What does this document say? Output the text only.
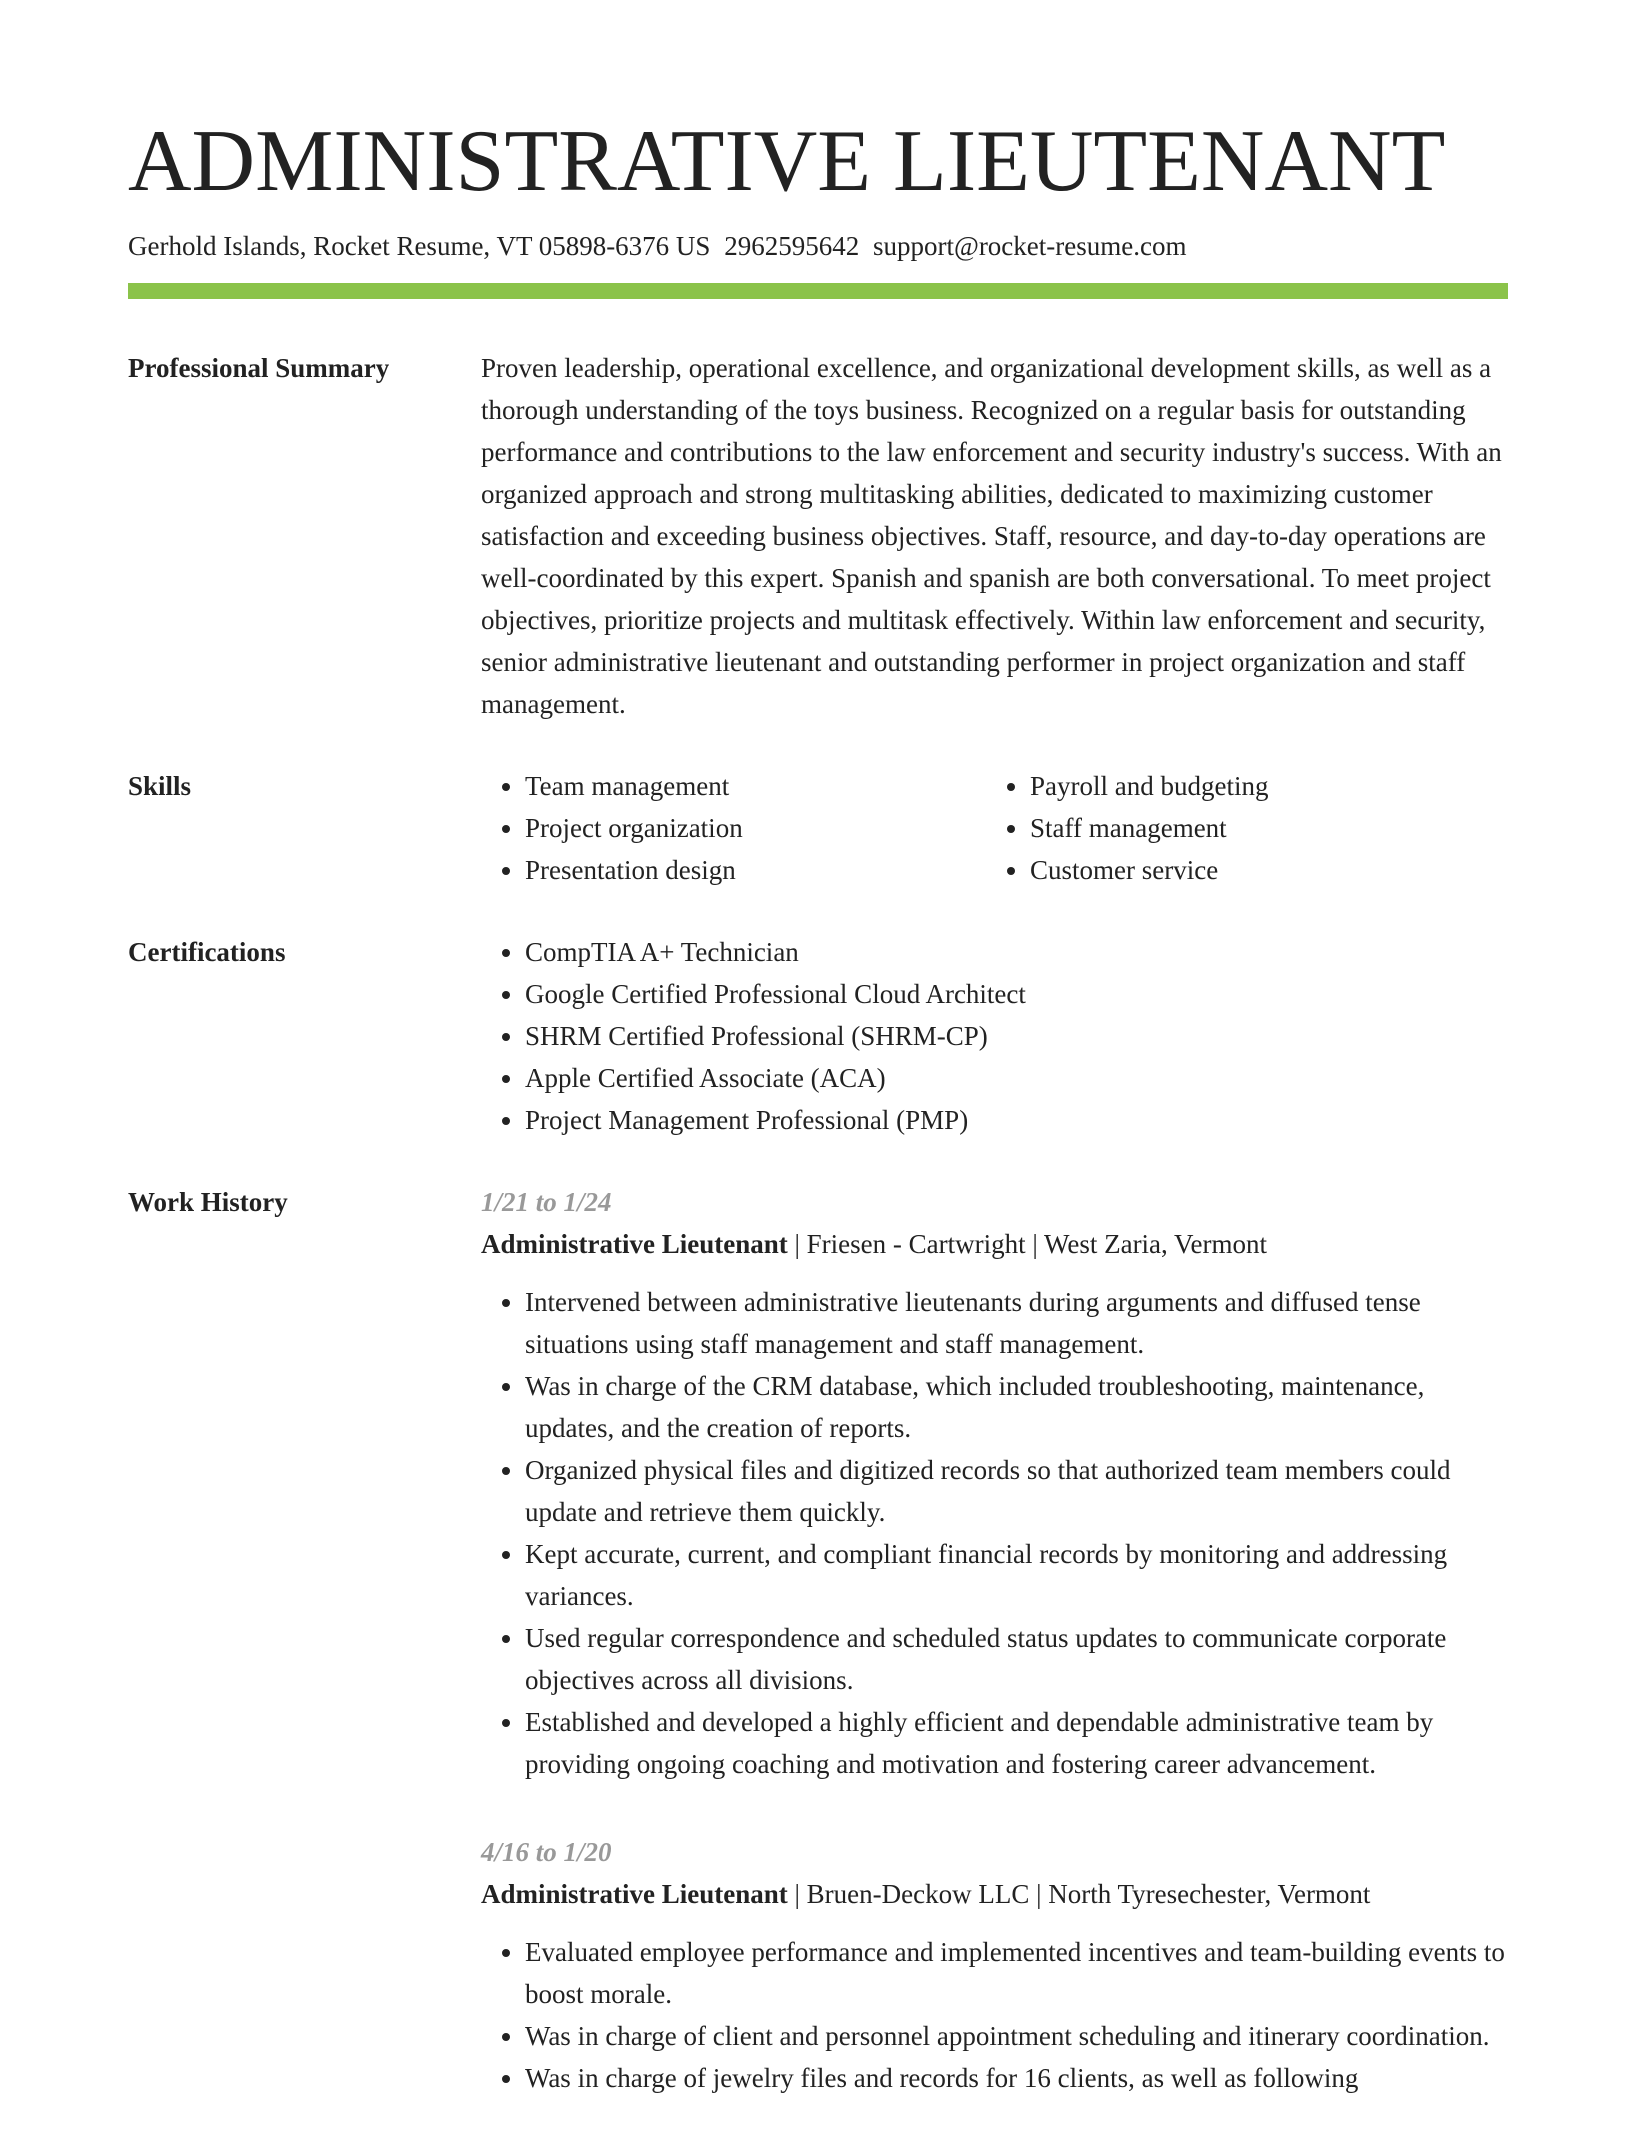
ADMINISTRATIVE LIEUTENANT
Gerhold Islands, Rocket Resume, VT 05898-6376 US 2962595642 support@rocket-resume.com
Professional Summary	Proven leadership, operational excellence, and organizational development skills, as well as a thorough understanding of the toys business. Recognized on a regular basis for outstanding performance and contributions to the law enforcement and security industry's success. With an organized approach and strong multitasking abilities, dedicated to maximizing customer satisfaction and exceeding business objectives. Staff, resource, and day-to-day operations are well-coordinated by this expert. Spanish and spanish are both conversational. To meet project objectives, prioritize projects and multitask effectively. Within law enforcement and security, senior administrative lieutenant and outstanding performer in project organization and staff management.

Skills	• Team management
• Project organization
• Presentation design
• Payroll and budgeting
• Staff management
• Customer service
Certifications	• CompTIA A+ Technician
• Google Certified Professional Cloud Architect
• SHRM Certified Professional (SHRM-CP)
• Apple Certified Associate (ACA)
• Project Management Professional (PMP)
Work History	1/21 to 1/24
Administrative Lieutenant | Friesen - Cartwright | West Zaria, Vermont
• Intervened between administrative lieutenants during arguments and diffused tense situations using staff management and staff management.
• Was in charge of the CRM database, which included troubleshooting, maintenance, updates, and the creation of reports.
• Organized physical files and digitized records so that authorized team members could update and retrieve them quickly.
• Kept accurate, current, and compliant financial records by monitoring and addressing variances.
• Used regular correspondence and scheduled status updates to communicate corporate objectives across all divisions.
• Established and developed a highly efficient and dependable administrative team by providing ongoing coaching and motivation and fostering career advancement.
4/16 to 1/20
Administrative Lieutenant | Bruen-Deckow LLC | North Tyresechester, Vermont
• Evaluated employee performance and implemented incentives and team-building events to boost morale.
• Was in charge of client and personnel appointment scheduling and itinerary coordination.
• Was in charge of jewelry files and records for 16 clients, as well as following
